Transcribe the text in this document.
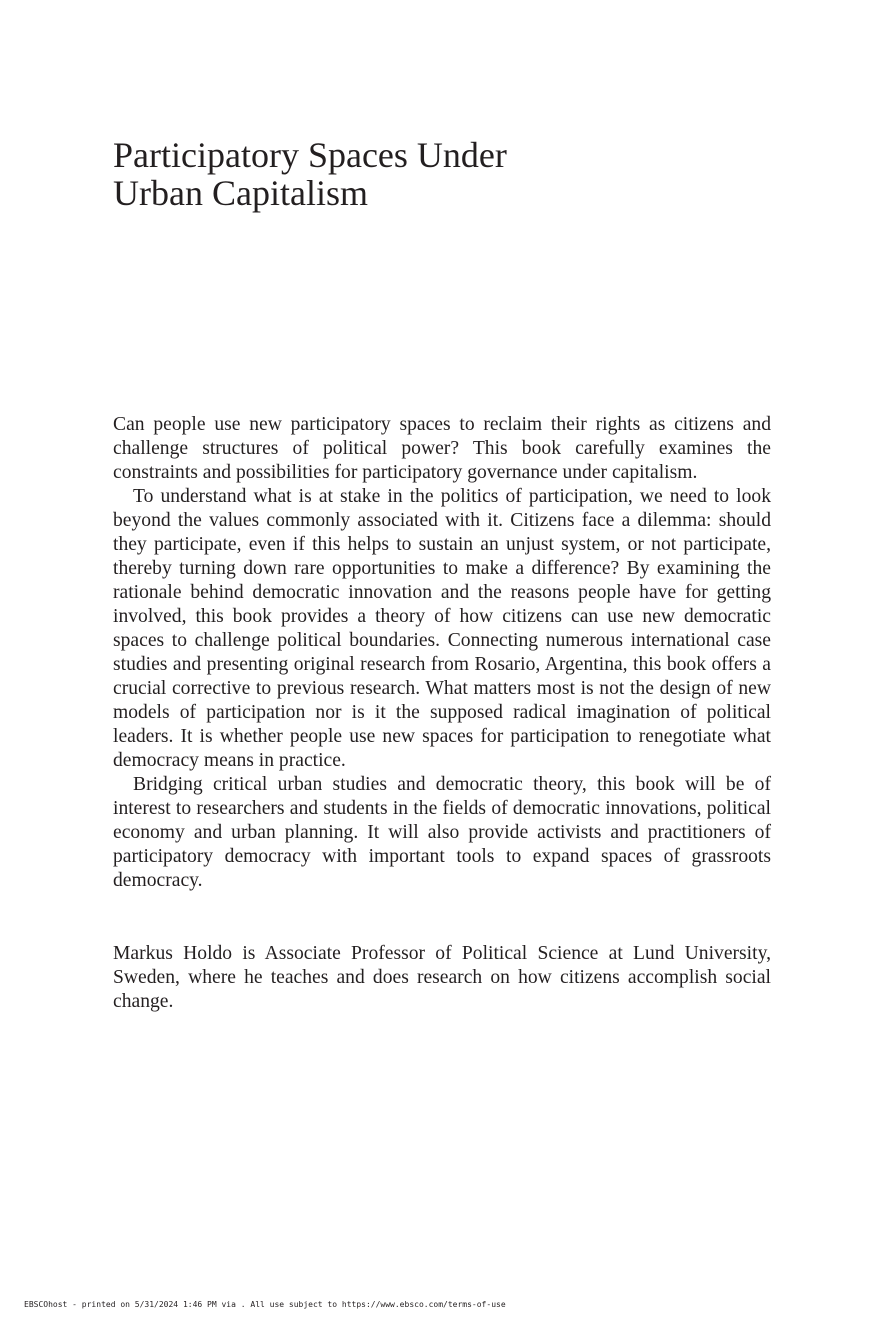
Participatory Spaces Under
Urban Capitalism

Can people use new participatory spaces to reclaim their rights as citizens and challenge structures of political power? This book carefully examines the constraints and possibilities for participatory governance under capitalism.

To understand what is at stake in the politics of participation, we need to look beyond the values commonly associated with it. Citizens face a dilemma: should they participate, even if this helps to sustain an unjust system, or not participate, thereby turning down rare opportunities to make a difference? By examining the rationale behind democratic innovation and the reasons people have for getting involved, this book provides a theory of how citizens can use new democratic spaces to challenge political boundaries. Connecting numerous international case studies and presenting original research from Rosario, Argentina, this book offers a crucial corrective to previous research. What matters most is not the design of new models of participation nor is it the supposed radical imagination of political leaders. It is whether people use new spaces for participation to renegotiate what democracy means in practice.

Bridging critical urban studies and democratic theory, this book will be of interest to researchers and students in the fields of democratic innovations, political economy and urban planning. It will also provide activists and practitioners of participatory democracy with important tools to expand spaces of grassroots democracy.

Markus Holdo is Associate Professor of Political Science at Lund University, Sweden, where he teaches and does research on how citizens accomplish social change.

EBSCOhost - printed on 5/31/2024 1:46 PM via . All use subject to https://www.ebsco.com/terms-of-use
